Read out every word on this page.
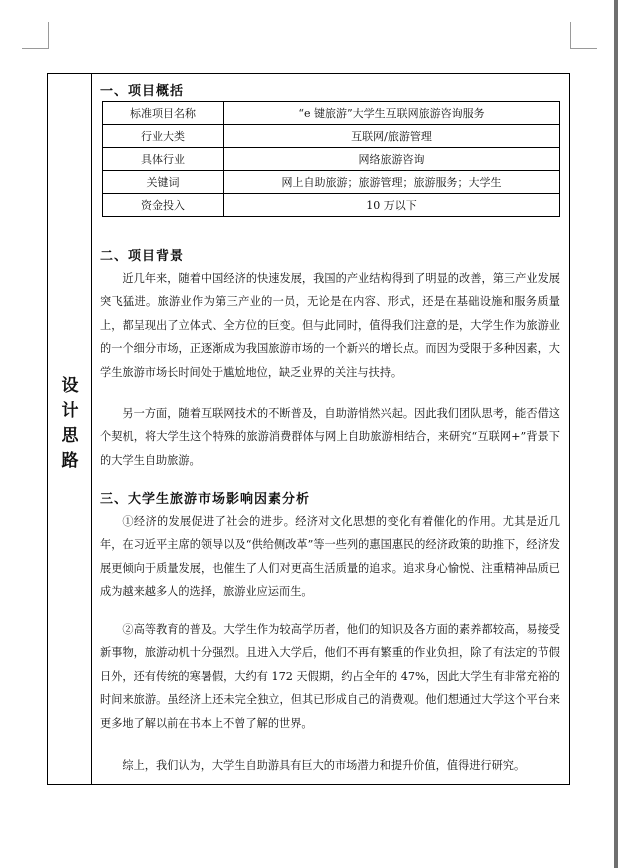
设
计
思
路
一、项目概括
标准项目名称	“e 键旅游”大学生互联网旅游咨询服务
行业大类	互联网/旅游管理
具体行业	网络旅游咨询
关键词	网上自助旅游；旅游管理；旅游服务；大学生
资金投入	10 万以下
二、项目背景

近几年来，随着中国经济的快速发展，我国的产业结构得到了明显的改善，第三产业发展突飞猛进。旅游业作为第三产业的一员，无论是在内容、形式，还是在基础设施和服务质量上，都呈现出了立体式、全方位的巨变。但与此同时，值得我们注意的是，大学生作为旅游业的一个细分市场，正逐渐成为我国旅游市场的一个新兴的增长点。而因为受限于多种因素，大学生旅游市场长时间处于尴尬地位，缺乏业界的关注与扶持。

另一方面，随着互联网技术的不断普及，自助游悄然兴起。因此我们团队思考，能否借这个契机，将大学生这个特殊的旅游消费群体与网上自助旅游相结合，来研究“互联网+”背景下的大学生自助旅游。

三、大学生旅游市场影响因素分析

①经济的发展促进了社会的进步。经济对文化思想的变化有着催化的作用。尤其是近几年，在习近平主席的领导以及“供给侧改革”等一些列的惠国惠民的经济政策的助推下，经济发展更倾向于质量发展，也催生了人们对更高生活质量的追求。追求身心愉悦、注重精神品质已成为越来越多人的选择，旅游业应运而生。

②高等教育的普及。大学生作为较高学历者，他们的知识及各方面的素养都较高，易接受新事物，旅游动机十分强烈。且进入大学后，他们不再有繁重的作业负担，除了有法定的节假日外，还有传统的寒暑假，大约有 172 天假期，约占全年的 47%，因此大学生有非常充裕的时间来旅游。虽经济上还未完全独立，但其已形成自己的消费观。他们想通过大学这个平台来更多地了解以前在书本上不曾了解的世界。

综上，我们认为，大学生自助游具有巨大的市场潜力和提升价值，值得进行研究。
